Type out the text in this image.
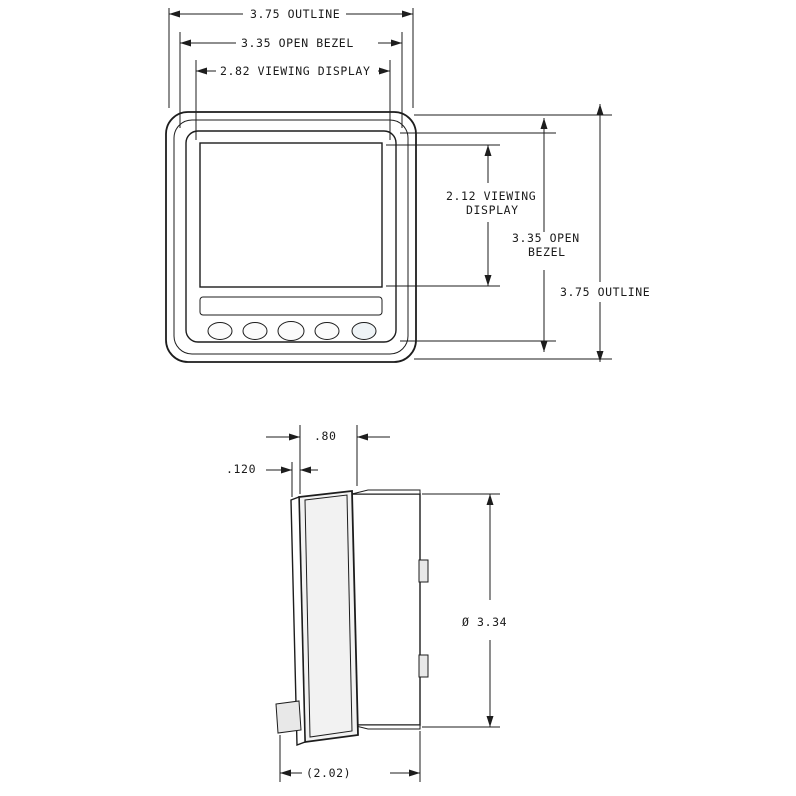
3.75 OUTLINE
3.35 OPEN BEZEL
2.82 VIEWING DISPLAY
2.12 VIEWING
DISPLAY
3.35 OPEN
BEZEL
3.75 OUTLINE
.80
.120
Ø 3.34
(2.02)
